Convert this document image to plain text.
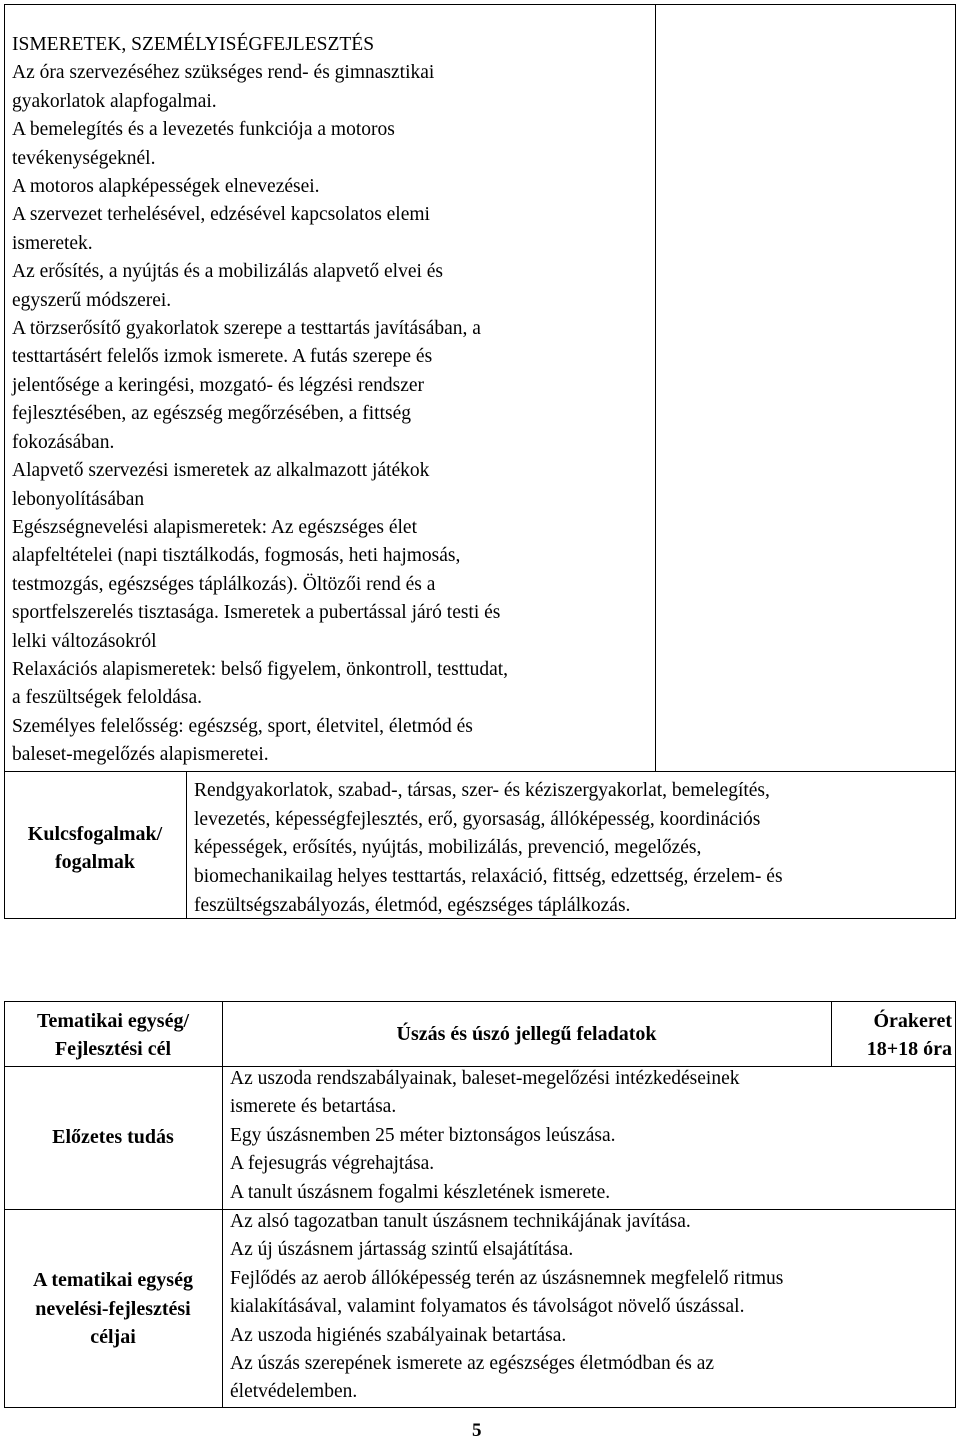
ISMERETEK, SZEMÉLYISÉGFEJLESZTÉS
Az óra szervezéséhez szükséges rend- és gimnasztikai
gyakorlatok alapfogalmai.
A bemelegítés és a levezetés funkciója a motoros
tevékenységeknél.
A motoros alapképességek elnevezései.
A szervezet terhelésével, edzésével kapcsolatos elemi
ismeretek.
Az erősítés, a nyújtás és a mobilizálás alapvető elvei és
egyszerű módszerei.
A törzserősítő gyakorlatok szerepe a testtartás javításában, a
testtartásért felelős izmok ismerete. A futás szerepe és
jelentősége a keringési, mozgató- és légzési rendszer
fejlesztésében, az egészség megőrzésében, a fittség
fokozásában.
Alapvető szervezési ismeretek az alkalmazott játékok
lebonyolításában
Egészségnevelési alapismeretek: Az egészséges élet
alapfeltételei (napi tisztálkodás, fogmosás, heti hajmosás,
testmozgás, egészséges táplálkozás). Öltözői rend és a
sportfelszerelés tisztasága. Ismeretek a pubertással járó testi és
lelki változásokról
Relaxációs alapismeretek: belső figyelem, önkontroll, testtudat,
a feszültségek feloldása.
Személyes felelősség: egészség, sport, életvitel, életmód és
baleset-megelőzés alapismeretei.
Kulcsfogalmak/
fogalmak
Rendgyakorlatok, szabad-, társas, szer- és kéziszergyakorlat, bemelegítés,
levezetés, képességfejlesztés, erő, gyorsaság, állóképesség, koordinációs
képességek, erősítés, nyújtás, mobilizálás, prevenció, megelőzés,
biomechanikailag helyes testtartás, relaxáció, fittség, edzettség, érzelem- és
feszültségszabályozás, életmód, egészséges táplálkozás.
Tematikai egység/
Fejlesztési cél
Úszás és úszó jellegű feladatok
Órakeret
18+18 óra
Előzetes tudás
Az uszoda rendszabályainak, baleset-megelőzési intézkedéseinek
ismerete és betartása.
Egy úszásnemben 25 méter biztonságos leúszása.
A fejesugrás végrehajtása.
A tanult úszásnem fogalmi készletének ismerete.
A tematikai egység
nevelési-fejlesztési
céljai
Az alsó tagozatban tanult úszásnem technikájának javítása.
Az új úszásnem jártasság szintű elsajátítása.
Fejlődés az aerob állóképesség terén az úszásnemnek megfelelő ritmus
kialakításával, valamint folyamatos és távolságot növelő úszással.
Az uszoda higiénés szabályainak betartása.
Az úszás szerepének ismerete az egészséges életmódban és az
életvédelemben.
5
